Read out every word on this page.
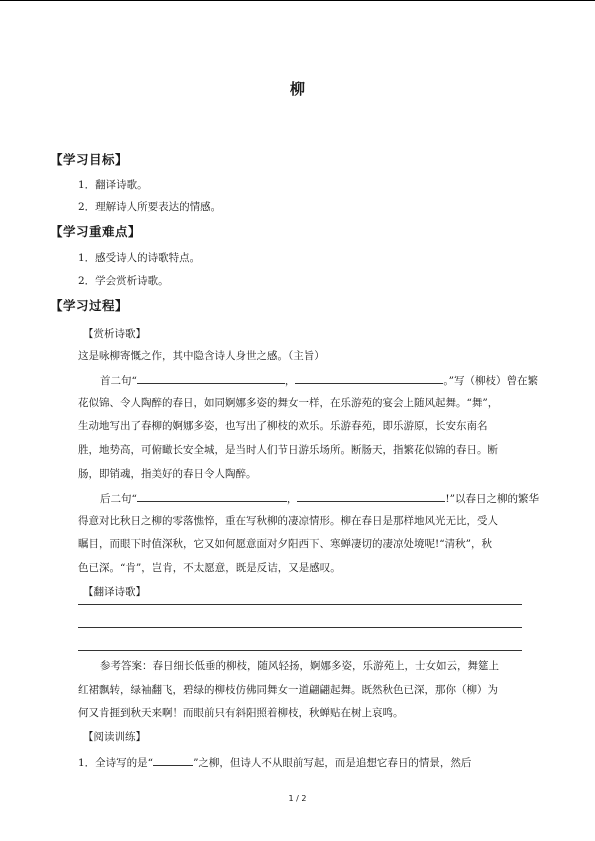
柳
【学习目标】
1．翻译诗歌。
2．理解诗人所要表达的情感。
【学习重难点】
1．感受诗人的诗歌特点。
2．学会赏析诗歌。
【学习过程】
【赏析诗歌】
这是咏柳寄慨之作，其中隐含诗人身世之感。（主旨）
首二句“	，	。”写（柳枝）曾在繁
花似锦、令人陶醉的春日，如同婀娜多姿的舞女一样，在乐游苑的宴会上随风起舞。“舞”，
生动地写出了春柳的婀娜多姿，也写出了柳枝的欢乐。乐游春苑，即乐游原，长安东南名
胜，地势高，可俯瞰长安全城，是当时人们节日游乐场所。断肠天，指繁花似锦的春日。断
肠，即销魂，指美好的春日令人陶醉。
后二句“	，	!”以春日之柳的繁华
得意对比秋日之柳的零落憔悴，重在写秋柳的凄凉情形。柳在春日是那样地风光无比，受人
瞩目，而眼下时值深秋，它又如何愿意面对夕阳西下、寒蝉凄切的凄凉处境呢!“清秋”，秋
色已深。“肯”，岂肯，不太愿意，既是反诘，又是感叹。
【翻译诗歌】
参考答案：春日细长低垂的柳枝，随风轻扬，婀娜多姿，乐游苑上，士女如云，舞筵上
红裙飘转，绿袖翻飞，碧绿的柳枝仿佛同舞女一道翩翩起舞。既然秋色已深，那你（柳）为
何又肯捱到秋天来啊！而眼前只有斜阳照着柳枝，秋蝉贴在树上哀鸣。
【阅读训练】
1．全诗写的是“	”之柳，但诗人不从眼前写起，而是追想它春日的情景，然后
1 / 2
